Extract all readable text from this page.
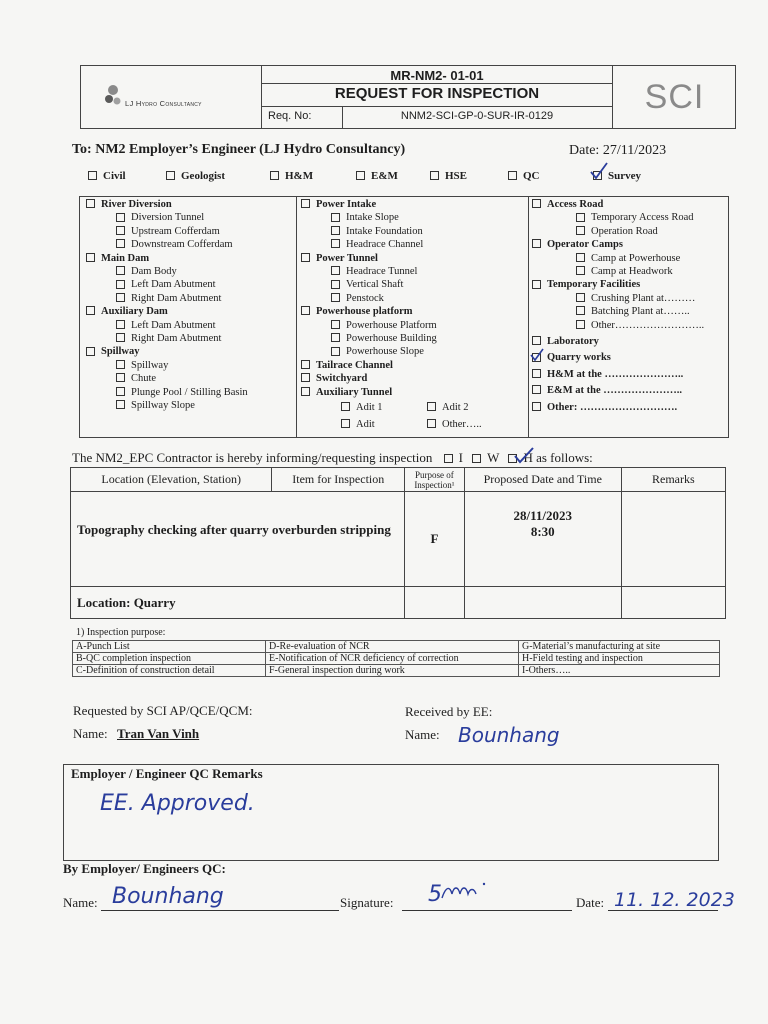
LJ Hydro Consultancy
MR-NM2- 01-01
REQUEST FOR INSPECTION
Req. No:	NNM2-SCI-GP-0-SUR-IR-0129	SCI
To: NM2 Employer’s Engineer (LJ Hydro Consultancy)	Date: 27/11/2023
Civil	Geologist	H&M	E&M	HSE	QC	Survey
River Diversion
Diversion Tunnel
Upstream Cofferdam
Downstream Cofferdam
Main Dam
Dam Body
Left Dam Abutment
Right Dam Abutment
Auxiliary Dam
Left Dam Abutment
Right Dam Abutment
Spillway
Spillway
Chute
Plunge Pool / Stilling Basin
Spillway Slope
Power Intake
Intake Slope
Intake Foundation
Headrace Channel
Power Tunnel
Headrace Tunnel
Vertical Shaft
Penstock
Powerhouse platform
Powerhouse Platform
Powerhouse Building
Powerhouse Slope
Tailrace Channel
Switchyard
Auxiliary Tunnel
Adit 1	Adit 2
Adit	Other…..
Access Road
Temporary Access Road
Operation Road
Operator Camps
Camp at Powerhouse
Camp at Headwork
Temporary Facilities
Crushing Plant at………
Batching Plant at……..
Other……………………..
Laboratory
Quarry works
H&M at the …………………..
E&M at the …………………..
Other: ……………………….
The NM2_EPC Contractor is hereby informing/requesting inspection I W H as follows:
Location (Elevation, Station)	Item for Inspection	Purpose of Inspection¹	Proposed Date and Time	Remarks
Topography checking after quarry overburden stripping		F	28/11/2023
8:30	

Location: Quarry				
1) Inspection purpose:
A-Punch List	D-Re-evaluation of NCR	G-Material’s manufacturing at site
B-QC completion inspection	E-Notification of NCR deficiency of correction	H-Field testing and inspection
C-Definition of construction detail	F-General inspection during work	I-Others…..
Requested by SCI AP/QCE/QCM:
Name: Tran Van Vinh
Received by EE:
Name: Bounhang
Employer / Engineer QC Remarks
EE. Approved.
By Employer/ Engineers QC:
Name: Bounhang	Signature: 5	Date: 11. 12. 2023
